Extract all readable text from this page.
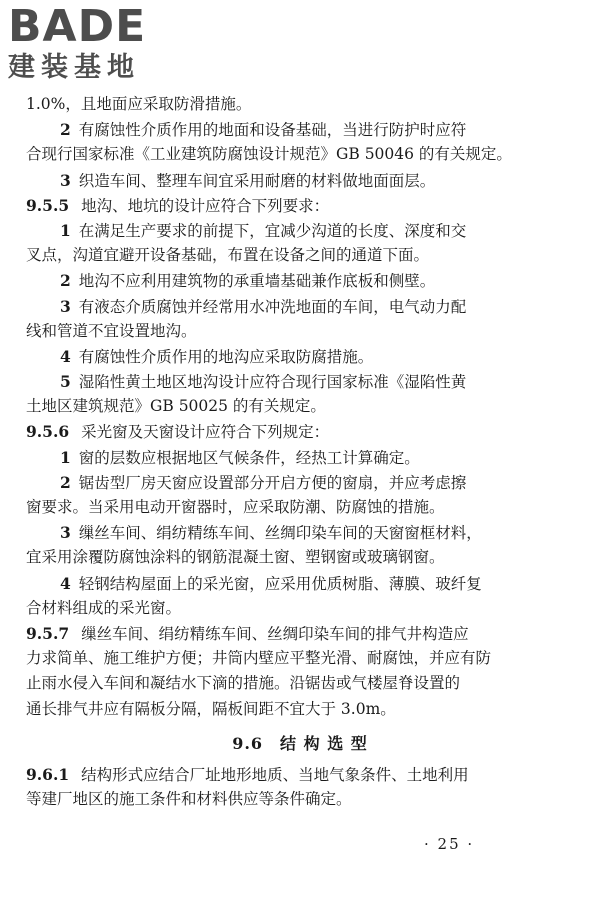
BADE
建装基地
1.0%，且地面应采取防滑措施。
2 有腐蚀性介质作用的地面和设备基础，当进行防护时应符
合现行国家标准《工业建筑防腐蚀设计规范》GB 50046 的有关规定。
3 织造车间、整理车间宜采用耐磨的材料做地面面层。
9.5.5 地沟、地坑的设计应符合下列要求：
1 在满足生产要求的前提下，宜减少沟道的长度、深度和交
叉点，沟道宜避开设备基础，布置在设备之间的通道下面。
2 地沟不应利用建筑物的承重墙基础兼作底板和侧壁。
3 有液态介质腐蚀并经常用水冲洗地面的车间，电气动力配
线和管道不宜设置地沟。
4 有腐蚀性介质作用的地沟应采取防腐措施。
5 湿陷性黄土地区地沟设计应符合现行国家标准《湿陷性黄
土地区建筑规范》GB 50025 的有关规定。
9.5.6 采光窗及天窗设计应符合下列规定：
1 窗的层数应根据地区气候条件，经热工计算确定。
2 锯齿型厂房天窗应设置部分开启方便的窗扇，并应考虑擦
窗要求。当采用电动开窗器时，应采取防潮、防腐蚀的措施。
3 缫丝车间、绢纺精练车间、丝绸印染车间的天窗窗框材料，
宜采用涂覆防腐蚀涂料的钢筋混凝土窗、塑钢窗或玻璃钢窗。
4 轻钢结构屋面上的采光窗，应采用优质树脂、薄膜、玻纤复
合材料组成的采光窗。
9.5.7 缫丝车间、绢纺精练车间、丝绸印染车间的排气井构造应
力求简单、施工维护方便；井筒内壁应平整光滑、耐腐蚀，并应有防
止雨水侵入车间和凝结水下滴的措施。沿锯齿或气楼屋脊设置的
通长排气井应有隔板分隔，隔板间距不宜大于 3.0m。
9.6　结 构 选 型
9.6.1 结构形式应结合厂址地形地质、当地气象条件、土地利用
等建厂地区的施工条件和材料供应等条件确定。
· 25 ·
